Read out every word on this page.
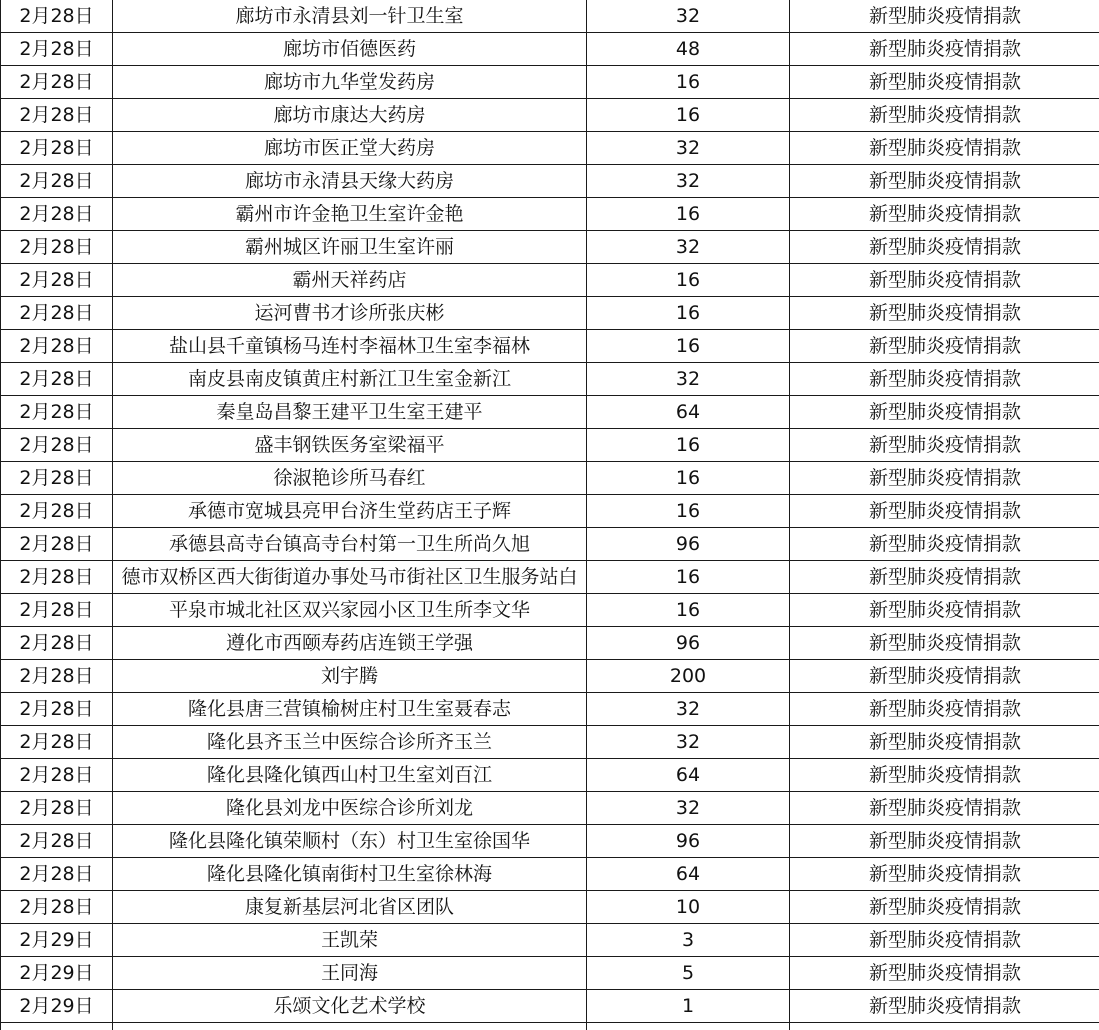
2月28日	廊坊市永清县刘一针卫生室	32	新型肺炎疫情捐款
2月28日	廊坊市佰德医药	48	新型肺炎疫情捐款
2月28日	廊坊市九华堂发药房	16	新型肺炎疫情捐款
2月28日	廊坊市康达大药房	16	新型肺炎疫情捐款
2月28日	廊坊市医正堂大药房	32	新型肺炎疫情捐款
2月28日	廊坊市永清县天缘大药房	32	新型肺炎疫情捐款
2月28日	霸州市许金艳卫生室许金艳	16	新型肺炎疫情捐款
2月28日	霸州城区许丽卫生室许丽	32	新型肺炎疫情捐款
2月28日	霸州天祥药店	16	新型肺炎疫情捐款
2月28日	运河曹书才诊所张庆彬	16	新型肺炎疫情捐款
2月28日	盐山县千童镇杨马连村李福林卫生室李福林	16	新型肺炎疫情捐款
2月28日	南皮县南皮镇黄庄村新江卫生室金新江	32	新型肺炎疫情捐款
2月28日	秦皇岛昌黎王建平卫生室王建平	64	新型肺炎疫情捐款
2月28日	盛丰钢铁医务室梁福平	16	新型肺炎疫情捐款
2月28日	徐淑艳诊所马春红	16	新型肺炎疫情捐款
2月28日	承德市宽城县亮甲台济生堂药店王子辉	16	新型肺炎疫情捐款
2月28日	承德县高寺台镇高寺台村第一卫生所尚久旭	96	新型肺炎疫情捐款
2月28日	德市双桥区西大街街道办事处马市街社区卫生服务站白	16	新型肺炎疫情捐款
2月28日	平泉市城北社区双兴家园小区卫生所李文华	16	新型肺炎疫情捐款
2月28日	遵化市西颐寿药店连锁王学强	96	新型肺炎疫情捐款
2月28日	刘宇腾	200	新型肺炎疫情捐款
2月28日	隆化县唐三营镇榆树庄村卫生室聂春志	32	新型肺炎疫情捐款
2月28日	隆化县齐玉兰中医综合诊所齐玉兰	32	新型肺炎疫情捐款
2月28日	隆化县隆化镇西山村卫生室刘百江	64	新型肺炎疫情捐款
2月28日	隆化县刘龙中医综合诊所刘龙	32	新型肺炎疫情捐款
2月28日	隆化县隆化镇荣顺村（东）村卫生室徐国华	96	新型肺炎疫情捐款
2月28日	隆化县隆化镇南街村卫生室徐林海	64	新型肺炎疫情捐款
2月28日	康复新基层河北省区团队	10	新型肺炎疫情捐款
2月29日	王凯荣	3	新型肺炎疫情捐款
2月29日	王同海	5	新型肺炎疫情捐款
2月29日	乐颂文化艺术学校	1	新型肺炎疫情捐款
